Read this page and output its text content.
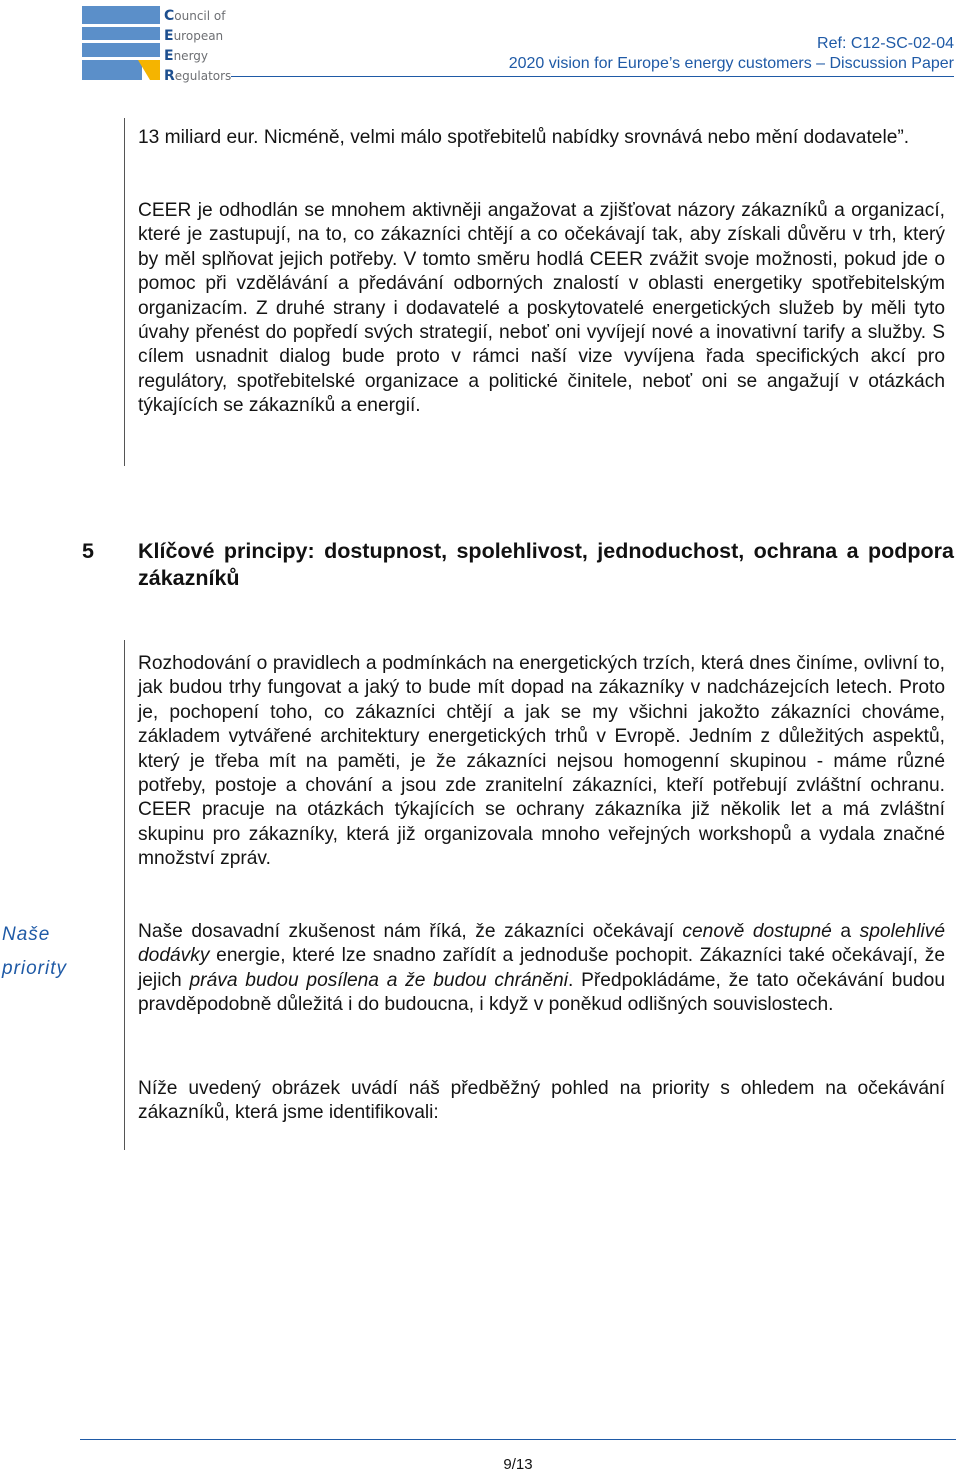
Council of
European
Energy
Regulators
Ref: C12-SC-02-04
2020 vision for Europe’s energy customers – Discussion Paper
13 miliard eur. Nicméně, velmi málo spotřebitelů nabídky srovnává nebo mění dodavatele”.
CEER je odhodlán se mnohem aktivněji angažovat a zjišťovat názory zákazníků a organizací, které je zastupují, na to, co zákazníci chtějí a co očekávají tak, aby získali důvěru v trh, který by měl splňovat jejich potřeby. V tomto směru hodlá CEER zvážit svoje možnosti, pokud jde o pomoc při vzdělávání a předávání odborných znalostí v oblasti energetiky spotřebitelským organizacím. Z druhé strany i dodavatelé a poskytovatelé energetických služeb by měli tyto úvahy přenést do popředí svých strategií, neboť oni vyvíjejí nové a inovativní tarify a služby. S cílem usnadnit dialog bude proto v rámci naší vize vyvíjena řada specifických akcí pro regulátory, spotřebitelské organizace a politické činitele, neboť oni se angažují v otázkách týkajících se zákazníků a energií.
5 Klíčové principy: dostupnost, spolehlivost, jednoduchost, ochrana a podpora zákazníků
Rozhodování o pravidlech a podmínkách na energetických trzích, která dnes činíme, ovlivní to, jak budou trhy fungovat a jaký to bude mít dopad na zákazníky v nadcházejcích letech. Proto je, pochopení toho, co zákazníci chtějí a jak se my všichni jakožto zákazníci chováme, základem vytvářené architektury energetických trhů v Evropě. Jedním z důležitých aspektů, který je třeba mít na paměti, je že zákazníci nejsou homogenní skupinou - máme různé potřeby, postoje a chování a jsou zde zranitelní zákazníci, kteří potřebují zvláštní ochranu. CEER pracuje na otázkách týkajících se ochrany zákazníka již několik let a má zvláštní skupinu pro zákazníky, která již organizovala mnoho veřejných workshopů a vydala značné množství zpráv.
Naše
priority
Naše dosavadní zkušenost nám říká, že zákazníci očekávají cenově dostupné a spolehlivé dodávky energie, které lze snadno zařídít a jednoduše pochopit. Zákazníci také očekávají, že jejich práva budou posílena a že budou chráněni. Předpokládáme, že tato očekávání budou pravděpodobně důležitá i do budoucna, i když v poněkud odlišných souvislostech.
Níže uvedený obrázek uvádí náš předběžný pohled na priority s ohledem na očekávání zákazníků, která jsme identifikovali:
9/13
